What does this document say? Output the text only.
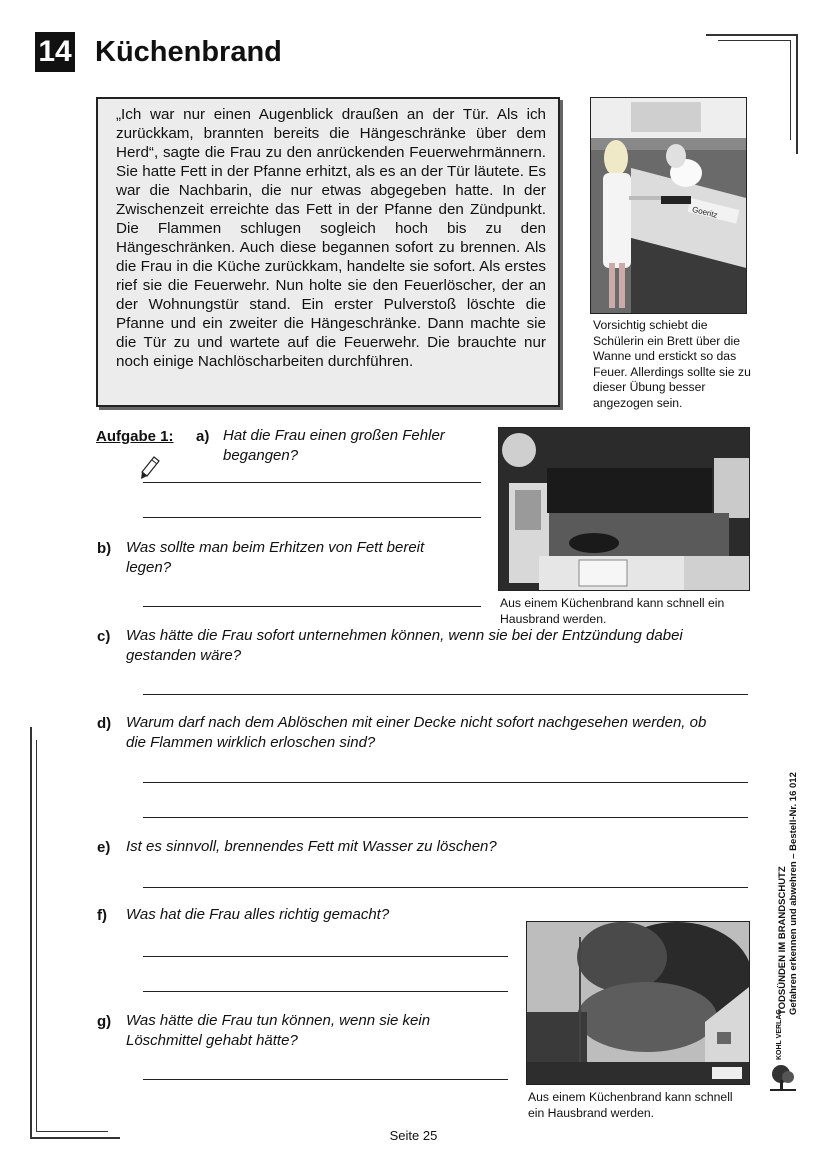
14 Küchenbrand

„Ich war nur einen Augenblick draußen an der Tür. Als ich zurückkam, brannten bereits die Hängeschränke über dem Herd“, sagte die Frau zu den anrückenden Feuerwehrmännern. Sie hatte Fett in der Pfanne erhitzt, als es an der Tür läutete. Es war die Nachbarin, die nur etwas abgegeben hatte. In der Zwischenzeit erreichte das Fett in der Pfanne den Zündpunkt. Die Flammen schlugen sogleich hoch bis zu den Hängeschränken. Auch diese begannen sofort zu brennen. Als die Frau in die Küche zurückkam, handelte sie sofort. Als erstes rief sie die Feuerwehr. Nun holte sie den Feuerlöscher, der an der Wohnungstür stand. Ein erster Pulverstoß löschte die Pfanne und ein zweiter die Hängeschränke. Dann machte sie die Tür zu und wartete auf die Feuerwehr. Die brauchte nur noch einige Nachlöscharbeiten durchführen.

Goeritz
Vorsichtig schiebt die Schülerin ein Brett über die Wanne und erstickt so das Feuer. Allerdings sollte sie zu dieser Übung besser angezogen sein.
Aus einem Küchenbrand kann schnell ein Hausbrand werden.
Aus einem Küchenbrand kann schnell ein Hausbrand werden.
Aufgabe 1: a) Hat die Frau einen großen Fehler begangen?
b) Was sollte man beim Erhitzen von Fett bereit legen?
c) Was hätte die Frau sofort unternehmen können, wenn sie bei der Entzündung dabei gestanden wäre?
d) Warum darf nach dem Ablöschen mit einer Decke nicht sofort nachgesehen werden, ob die Flammen wirklich erloschen sind?
e) Ist es sinnvoll, brennendes Fett mit Wasser zu löschen?
f) Was hat die Frau alles richtig gemacht?
g) Was hätte die Frau tun können, wenn sie kein Löschmittel gehabt hätte?
TODSÜNDEN IM BRANDSCHUTZ Gefahren erkennen und abwehren – Bestell-Nr. 16 012
KOHL VERLAG
Seite 25
